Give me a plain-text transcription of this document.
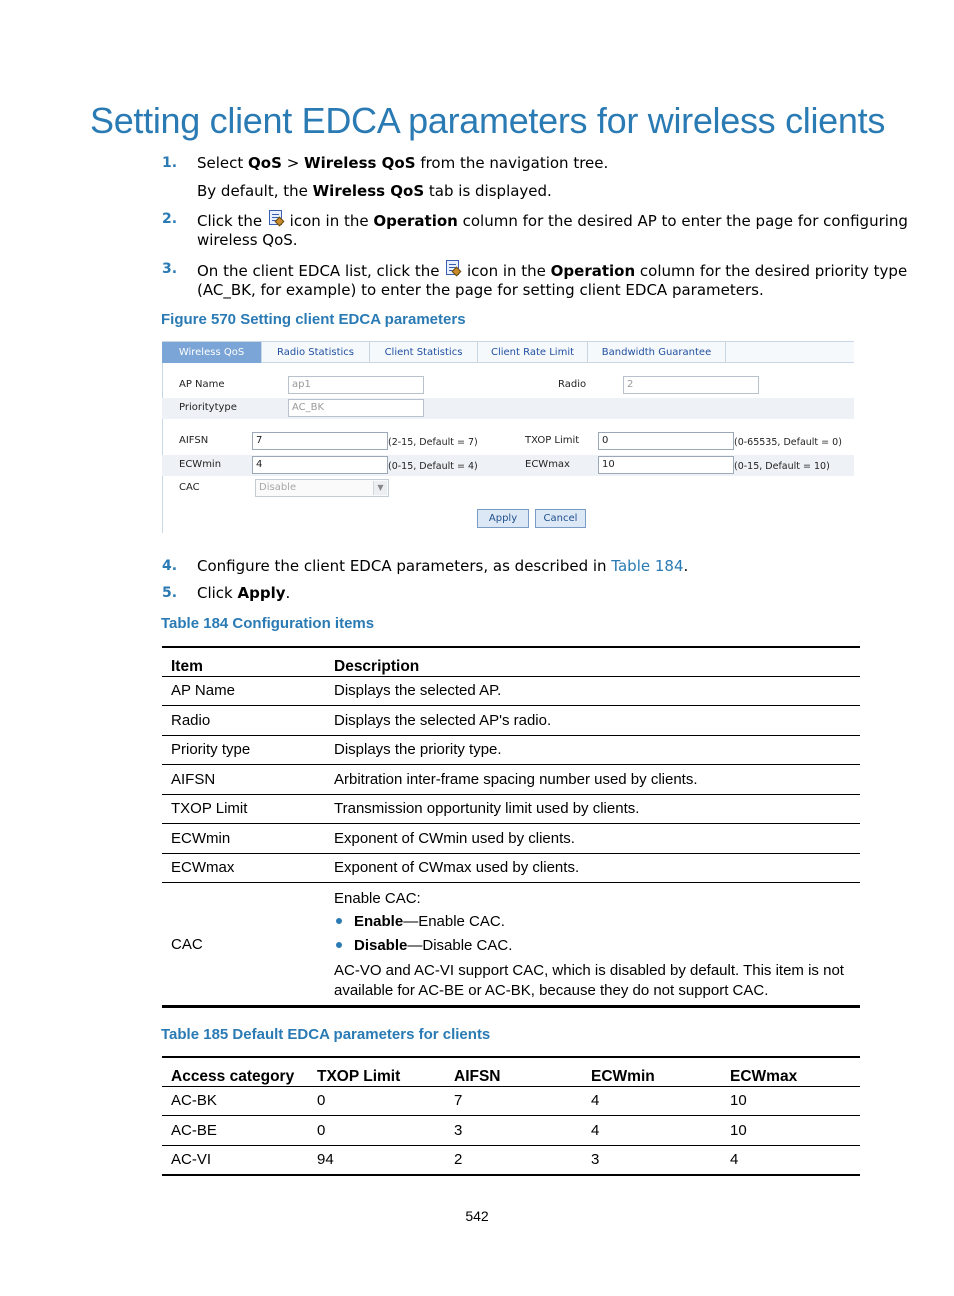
Setting client EDCA parameters for wireless clients
1. Select QoS > Wireless QoS from the navigation tree.
By default, the Wireless QoS tab is displayed.
2. Click the
icon in the Operation column for the desired AP to enter the page for configuring
wireless QoS.
3. On the client EDCA list, click the
icon in the Operation column for the desired priority type
(AC_BK, for example) to enter the page for setting client EDCA parameters.
Figure 570 Setting client EDCA parameters
Wireless QoS	Radio Statistics	Client Statistics	Client Rate Limit	Bandwidth Guarantee
AP Name	ap1	Radio	2
Prioritytype	AC_BK
AIFSN	7	(2-15, Default = 7)	TXOP Limit	0	(0-65535, Default = 0)
ECWmin	4	(0-15, Default = 4)	ECWmax	10	(0-15, Default = 10)
CAC	Disable	▼
Apply	Cancel
4. Configure the client EDCA parameters, as described in Table 184.
5. Click Apply.
Table 184 Configuration items
Item	Description
AP Name	Displays the selected AP.
Radio	Displays the selected AP's radio.
Priority type	Displays the priority type.
AIFSN	Arbitration inter-frame spacing number used by clients.
TXOP Limit	Transmission opportunity limit used by clients.
ECWmin	Exponent of CWmin used by clients.
ECWmax	Exponent of CWmax used by clients.
CAC	Enable CAC:
Enable—Enable CAC.
Disable—Disable CAC.
AC-VO and AC-VI support CAC, which is disabled by default. This item is not
available for AC-BE or AC-BK, because they do not support CAC.
Table 185 Default EDCA parameters for clients
Access category	TXOP Limit	AIFSN	ECWmin	ECWmax
AC-BK	0	7	4	10
AC-BE	0	3	4	10
AC-VI	94	2	3	4
542
